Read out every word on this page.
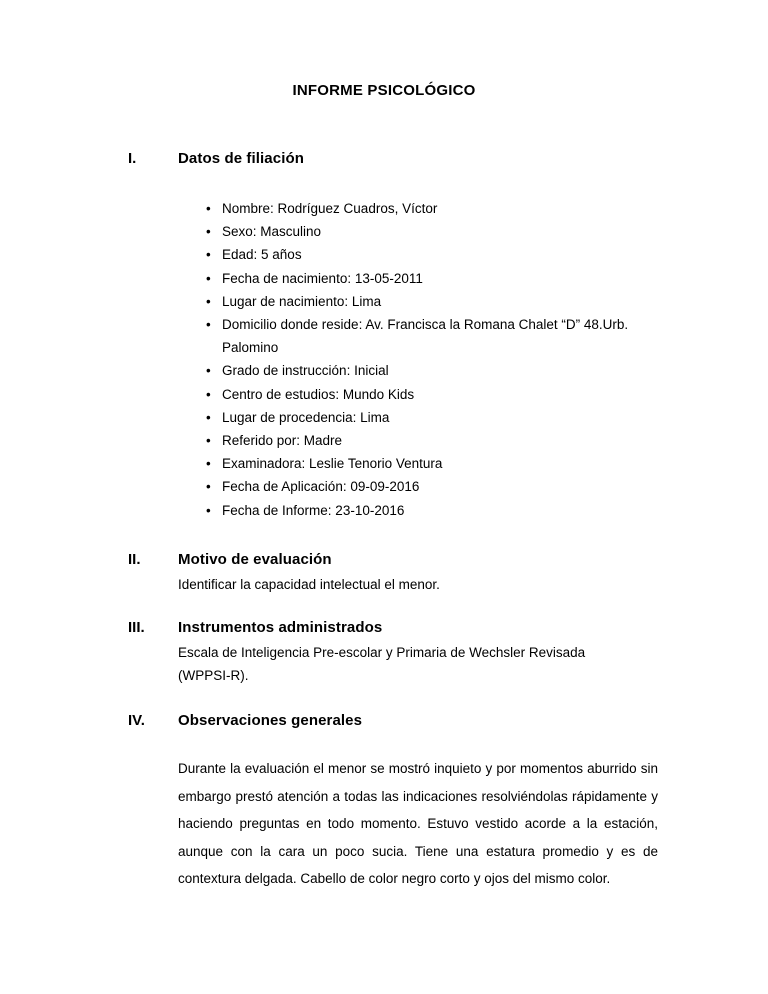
INFORME PSICOLÓGICO
I.	Datos de filiación
• Nombre: Rodríguez Cuadros, Víctor
• Sexo: Masculino
• Edad: 5 años
• Fecha de nacimiento: 13-05-2011
• Lugar de nacimiento: Lima
• Domicilio donde reside: Av. Francisca la Romana Chalet “D” 48.Urb. Palomino
• Grado de instrucción: Inicial
• Centro de estudios: Mundo Kids
• Lugar de procedencia: Lima
• Referido por: Madre
• Examinadora: Leslie Tenorio Ventura
• Fecha de Aplicación: 09-09-2016
• Fecha de Informe: 23-10-2016
II.	Motivo de evaluación
Identificar la capacidad intelectual el menor.
III.	Instrumentos administrados
Escala de Inteligencia Pre-escolar y Primaria de Wechsler Revisada (WPPSI-R).
IV.	Observaciones generales
Durante la evaluación el menor se mostró inquieto y por momentos aburrido sin embargo prestó atención a todas las indicaciones resolviéndolas rápidamente y haciendo preguntas en todo momento. Estuvo vestido acorde a la estación, aunque con la cara un poco sucia. Tiene una estatura promedio y es de contextura delgada. Cabello de color negro corto y ojos del mismo color.
